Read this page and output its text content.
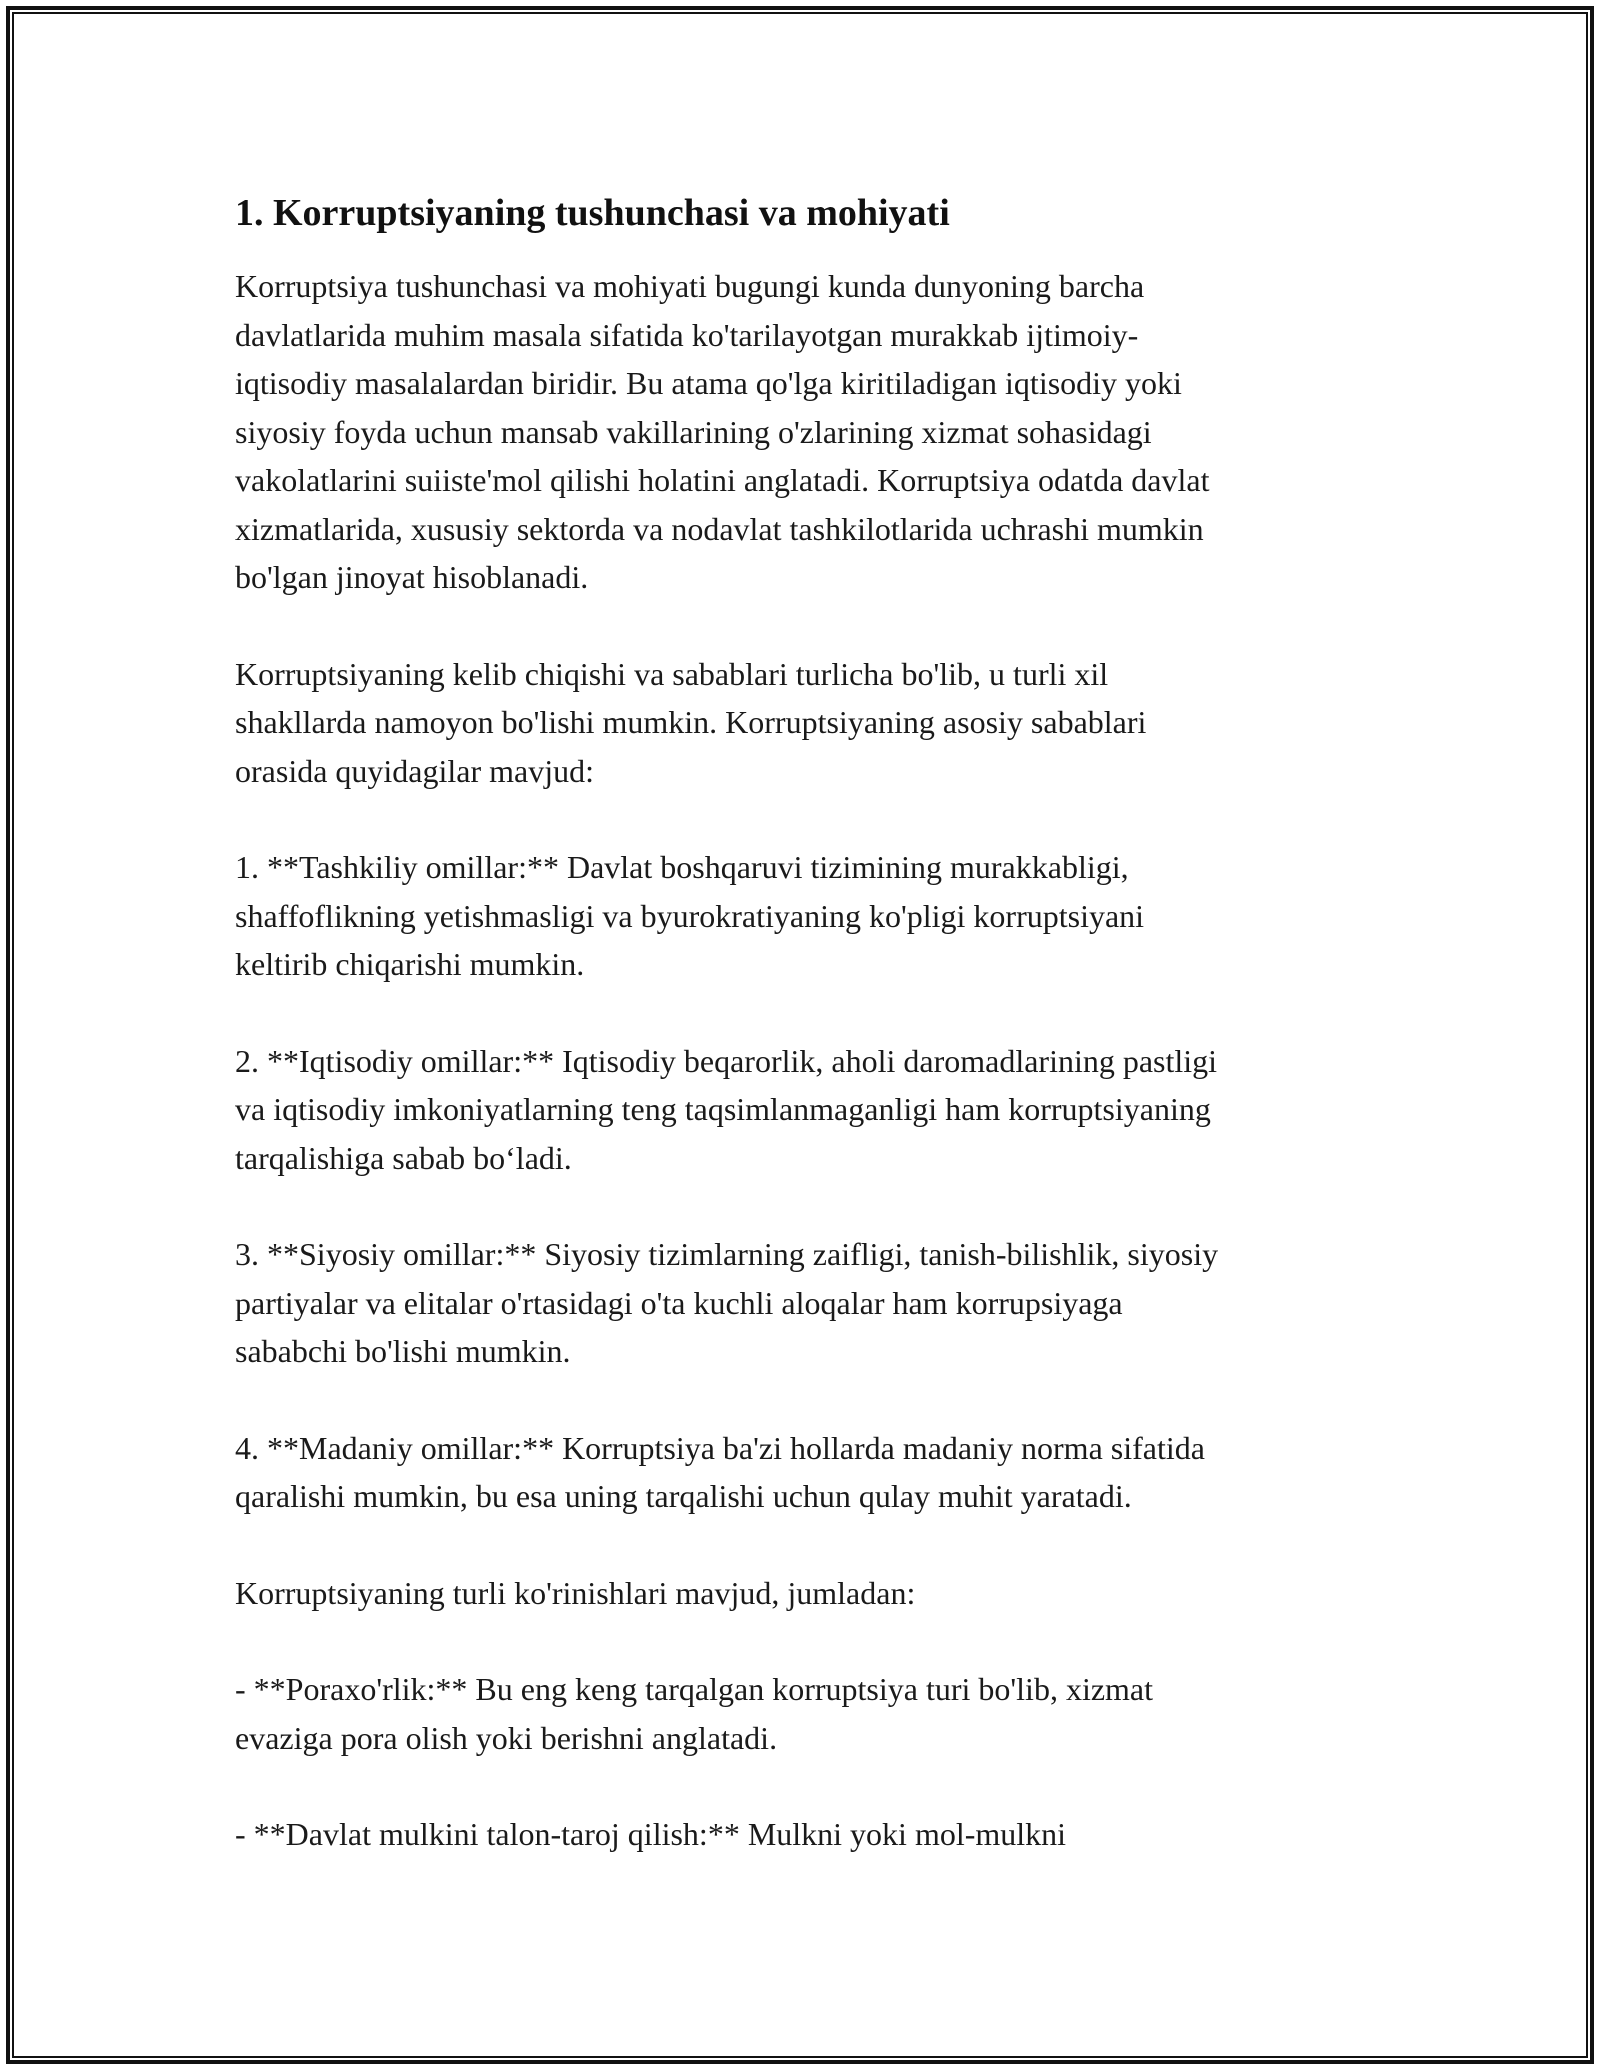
1. Korruptsiyaning tushunchasi va mohiyati

Korruptsiya tushunchasi va mohiyati bugungi kunda dunyoning barcha
davlatlarida muhim masala sifatida ko'tarilayotgan murakkab ijtimoiy-
iqtisodiy masalalardan biridir. Bu atama qo'lga kiritiladigan iqtisodiy yoki
siyosiy foyda uchun mansab vakillarining o'zlarining xizmat sohasidagi
vakolatlarini suiiste'mol qilishi holatini anglatadi. Korruptsiya odatda davlat
xizmatlarida, xususiy sektorda va nodavlat tashkilotlarida uchrashi mumkin
bo'lgan jinoyat hisoblanadi.

Korruptsiyaning kelib chiqishi va sabablari turlicha bo'lib, u turli xil
shakllarda namoyon bo'lishi mumkin. Korruptsiyaning asosiy sabablari
orasida quyidagilar mavjud:

1. **Tashkiliy omillar:** Davlat boshqaruvi tizimining murakkabligi,
shaffoflikning yetishmasligi va byurokratiyaning ko'pligi korruptsiyani
keltirib chiqarishi mumkin.

2. **Iqtisodiy omillar:** Iqtisodiy beqarorlik, aholi daromadlarining pastligi
va iqtisodiy imkoniyatlarning teng taqsimlanmaganligi ham korruptsiyaning
tarqalishiga sabab bo‘ladi.

3. **Siyosiy omillar:** Siyosiy tizimlarning zaifligi, tanish-bilishlik, siyosiy
partiyalar va elitalar o'rtasidagi o'ta kuchli aloqalar ham korrupsiyaga
sababchi bo'lishi mumkin.

4. **Madaniy omillar:** Korruptsiya ba'zi hollarda madaniy norma sifatida
qaralishi mumkin, bu esa uning tarqalishi uchun qulay muhit yaratadi.

Korruptsiyaning turli ko'rinishlari mavjud, jumladan:

- **Poraxo'rlik:** Bu eng keng tarqalgan korruptsiya turi bo'lib, xizmat
evaziga pora olish yoki berishni anglatadi.

- **Davlat mulkini talon-taroj qilish:** Mulkni yoki mol-mulkni
